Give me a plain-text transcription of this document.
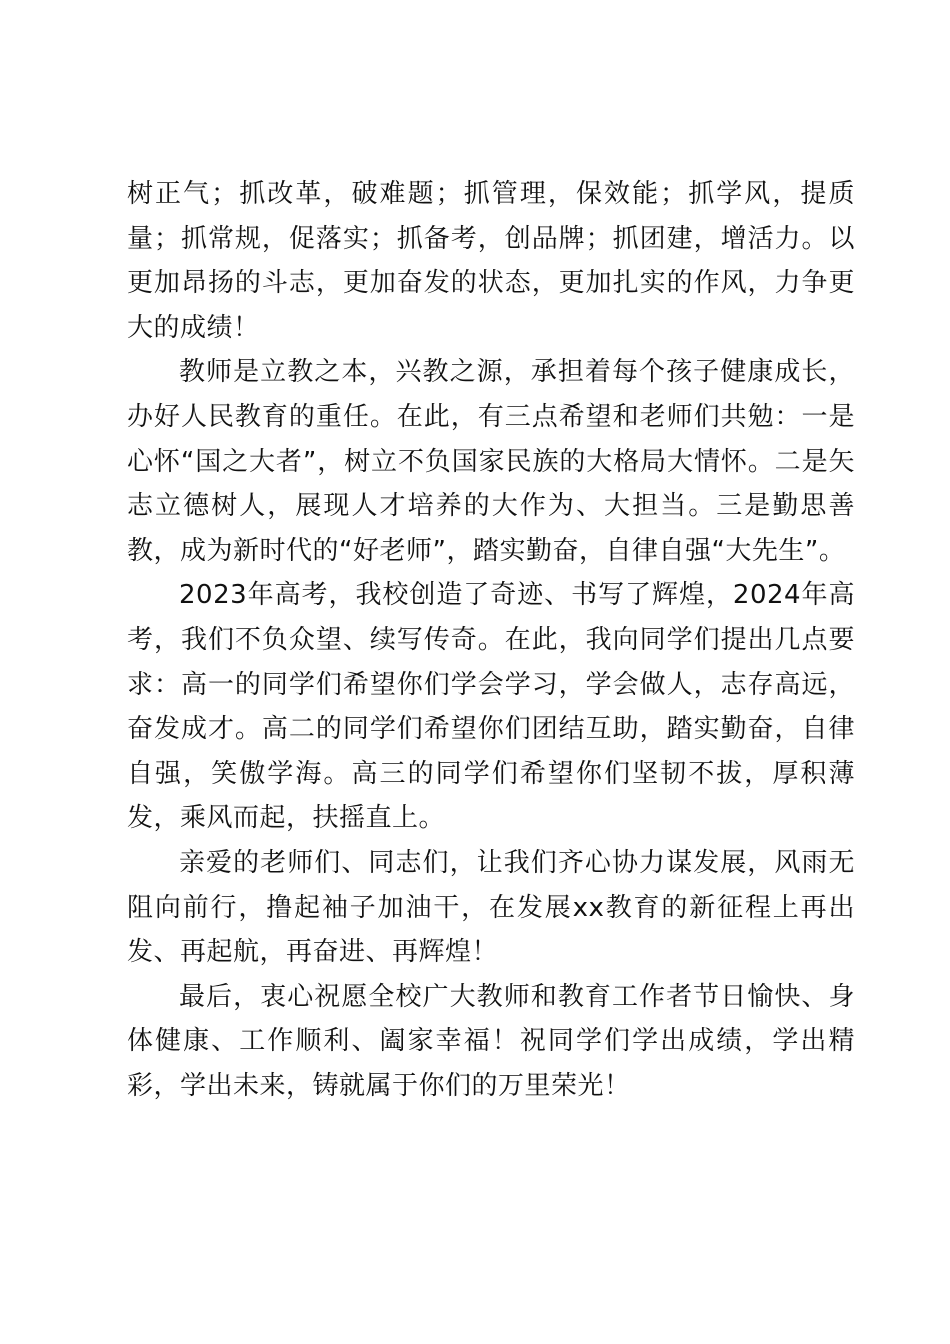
树正气；抓改革，破难题；抓管理，保效能；抓学风，提质量；抓常规，促落实；抓备考，创品牌；抓团建，增活力。以更加昂扬的斗志，更加奋发的状态，更加扎实的作风，力争更大的成绩！

教师是立教之本，兴教之源，承担着每个孩子健康成长，办好人民教育的重任。在此，有三点希望和老师们共勉：一是心怀“国之大者”，树立不负国家民族的大格局大情怀。二是矢志立德树人，展现人才培养的大作为、大担当。三是勤思善教，成为新时代的“好老师”，踏实勤奋，自律自强“大先生”。

2023年高考，我校创造了奇迹、书写了辉煌，2024年高考，我们不负众望、续写传奇。在此，我向同学们提出几点要求：高一的同学们希望你们学会学习，学会做人，志存高远，奋发成才。高二的同学们希望你们团结互助，踏实勤奋，自律自强，笑傲学海。高三的同学们希望你们坚韧不拔，厚积薄发，乘风而起，扶摇直上。

亲爱的老师们、同志们，让我们齐心协力谋发展，风雨无阻向前行，撸起袖子加油干，在发展xx教育的新征程上再出发、再起航，再奋进、再辉煌！

最后，衷心祝愿全校广大教师和教育工作者节日愉快、身体健康、工作顺利、阖家幸福！祝同学们学出成绩，学出精彩，学出未来，铸就属于你们的万里荣光！
